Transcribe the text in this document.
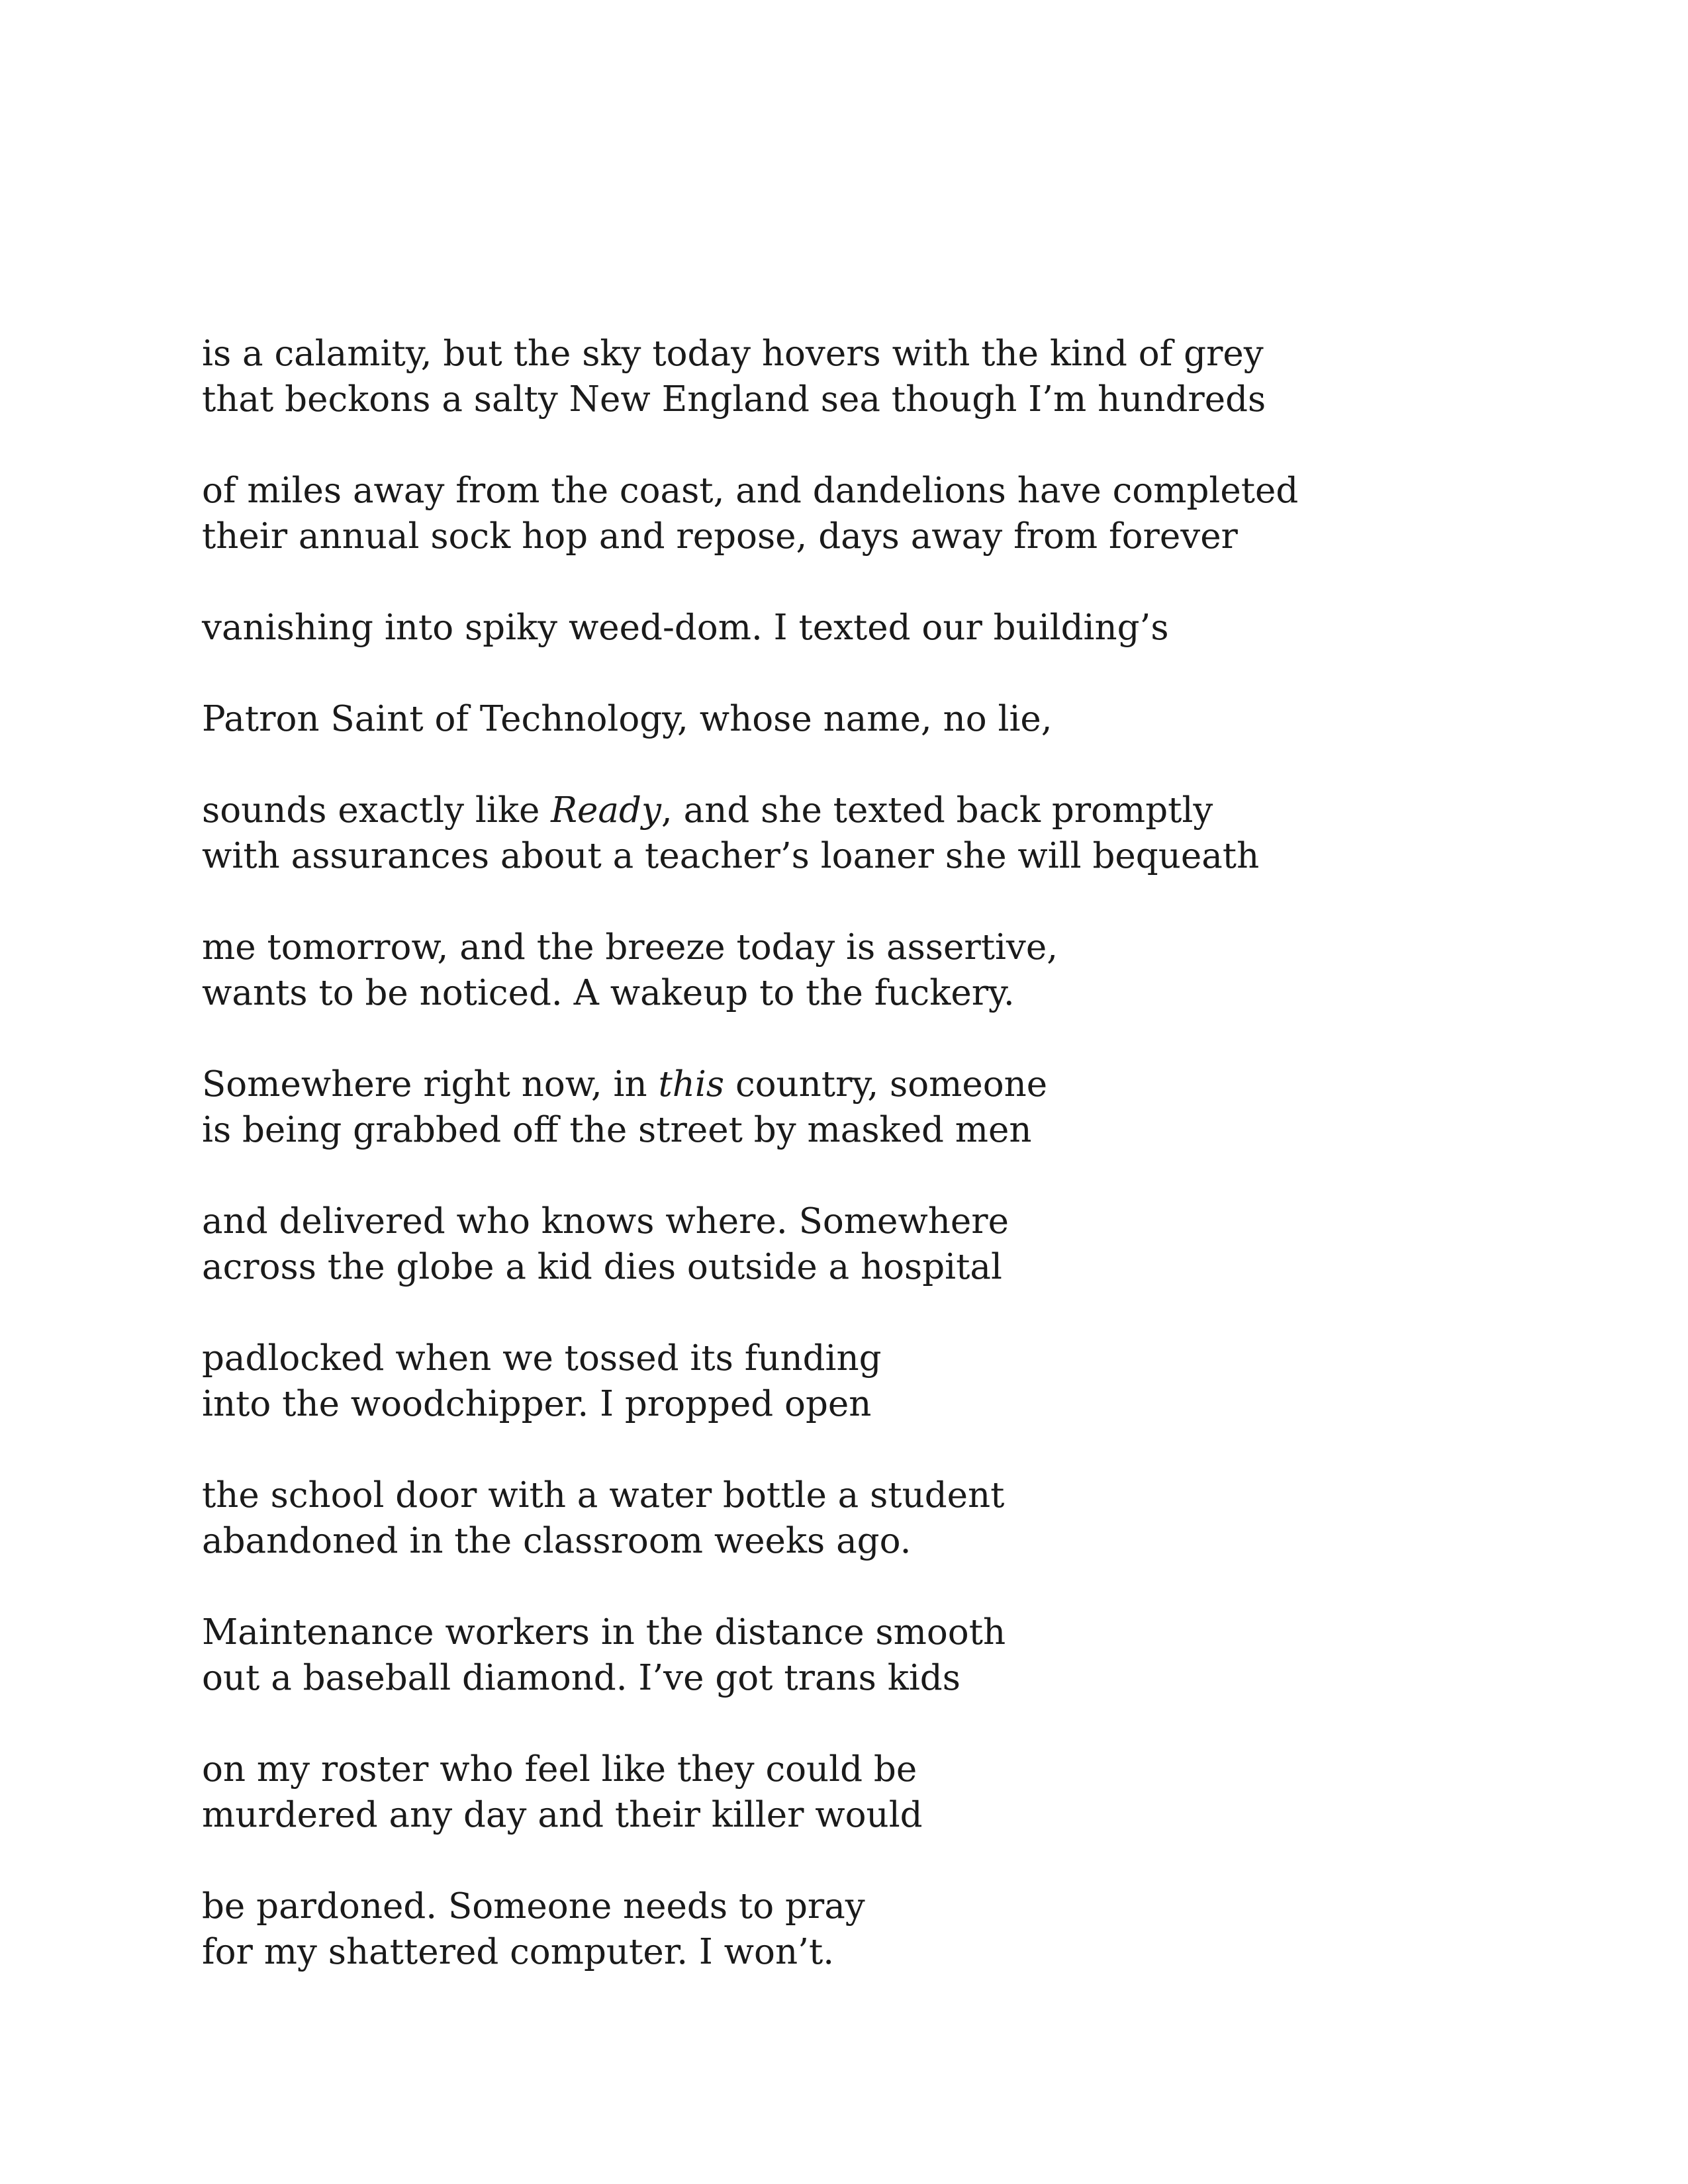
is a calamity, but the sky today hovers with the kind of grey
that beckons a salty New England sea though I’m hundreds
of miles away from the coast, and dandelions have completed
their annual sock hop and repose, days away from forever
vanishing into spiky weed-dom. I texted our building’s
Patron Saint of Technology, whose name, no lie,
sounds exactly like Ready, and she texted back promptly
with assurances about a teacher’s loaner she will bequeath
me tomorrow, and the breeze today is assertive,
wants to be noticed. A wakeup to the fuckery.
Somewhere right now, in this country, someone
is being grabbed off the street by masked men
and delivered who knows where. Somewhere
across the globe a kid dies outside a hospital
padlocked when we tossed its funding
into the woodchipper. I propped open
the school door with a water bottle a student
abandoned in the classroom weeks ago.
Maintenance workers in the distance smooth
out a baseball diamond. I’ve got trans kids
on my roster who feel like they could be
murdered any day and their killer would
be pardoned. Someone needs to pray
for my shattered computer. I won’t.
